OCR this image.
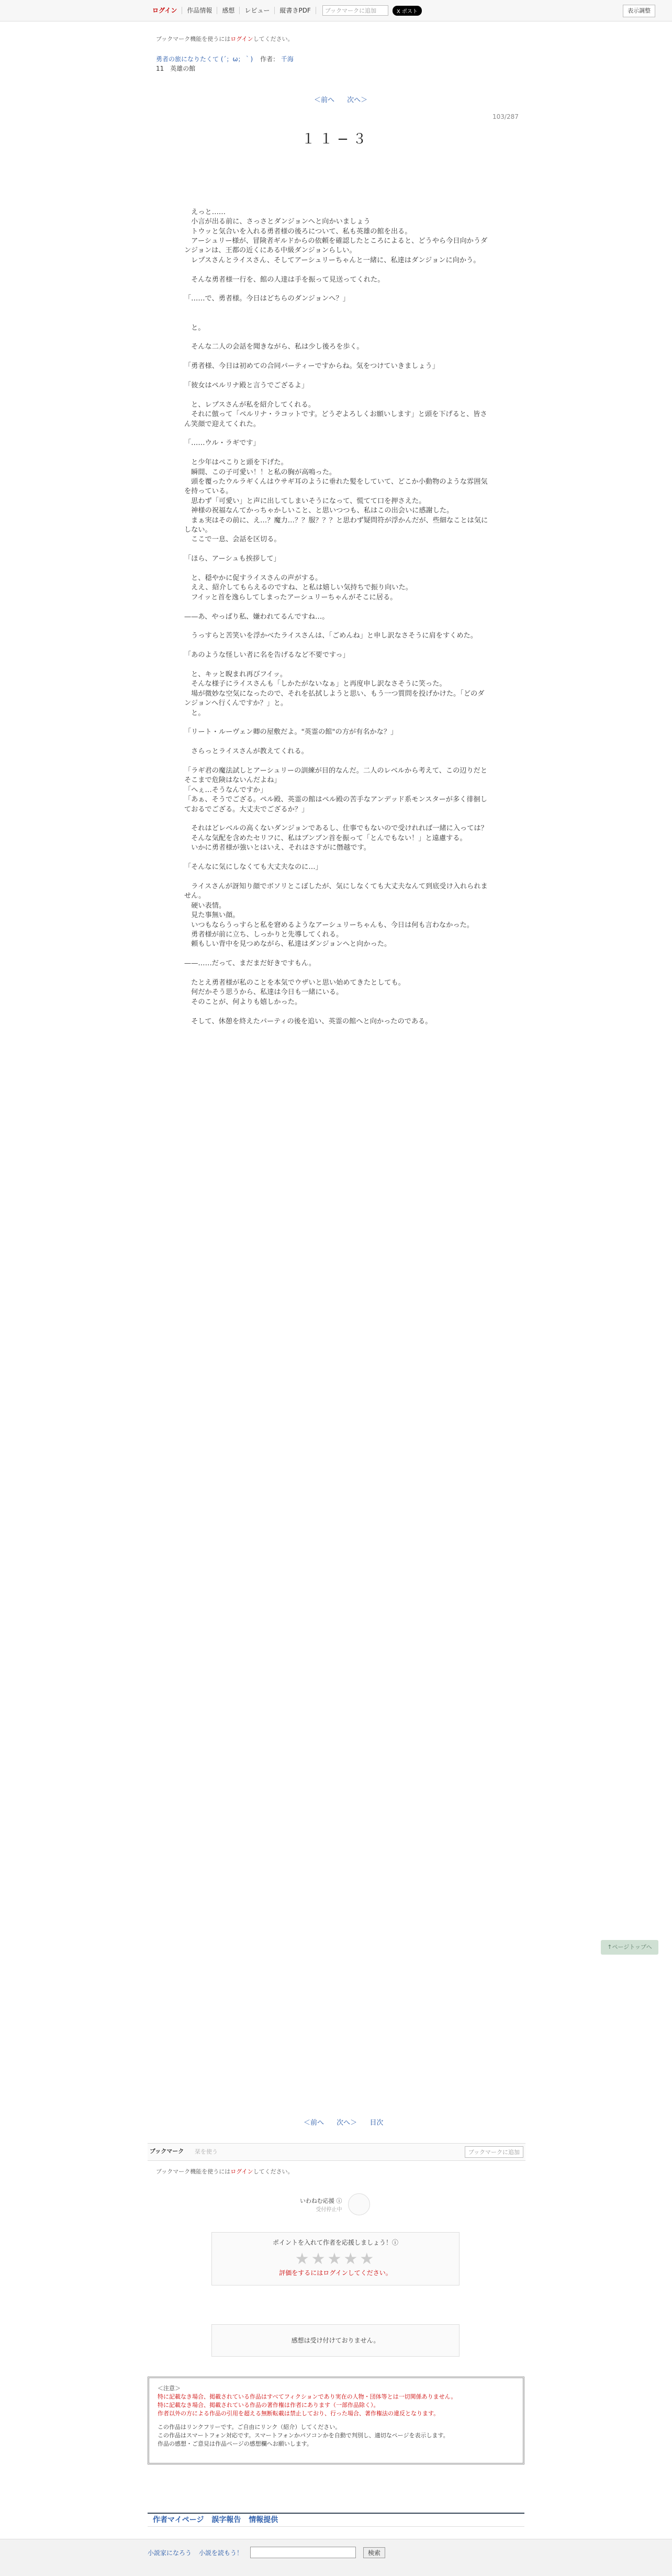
ログイン	作品情報	感想	レビュー	縦書きPDF	ブックマークに追加	X ポスト	表示調整
ブックマーク機能を使うにはログインしてください。
勇者の旅になりたくて (´；ω；｀) 作者： 千海
11　英雄の館
＜前へ 次へ＞
103/287
１１−３

　えっと……

　小言が出る前に、さっさとダンジョンへと向かいましょう

　トウッと気合いを入れる勇者様の後ろについて、私も英雄の館を出る。

　アーシュリー様が、冒険者ギルドからの依頼を確認したところによると、どうやら今日向かうダンジョンは、王都の近くにある中級ダンジョンらしい。

　レプスさんとライスさん、そしてアーシュリーちゃんと一緒に、私達はダンジョンに向かう。

　そんな勇者様一行を、館の人達は手を振って見送ってくれた。

「……で、勇者様。今日はどちらのダンジョンへ？」

　と。

　そんな二人の会話を聞きながら、私は少し後ろを歩く。

「勇者様、今日は初めての合同パーティーですからね。気をつけていきましょう」

「彼女はペルリナ殿と言うでござるよ」

　と、レプスさんが私を紹介してくれる。

　それに倣って「ペルリナ・ラコットです。どうぞよろしくお願いします」と頭を下げると、皆さん笑顔で迎えてくれた。

「……ウル・ラギです」

　と少年はペこりと頭を下げた。

　瞬間、この子可愛い！！と私の胸が高鳴った。

　頭を覆ったウルラギくんはウサギ耳のように垂れた髪をしていて、どこか小動物のような雰囲気を持っている。

　思わず「可愛い」と声に出してしまいそうになって、慌てて口を押さえた。

　神様の祝福なんてかっちゃかしいこと、と思いつつも、私はこの出会いに感謝した。

　まぁ実はその前に、え…？魔力…？？服？？？と思わず疑問符が浮かんだが、些細なことは気にしない。

　ここで一息、会話を区切る。

「ほら、アーシュも挨拶して」

　と、穏やかに促すライスさんの声がする。

　ええ、紹介してもらえるのですね、と私は嬉しい気持ちで振り向いた。

　フイッと首を逸らしてしまったアーシュリーちゃんがそこに居る。

——あ、やっぱり私、嫌われてるんですね…。

　うっすらと苦笑いを浮かべたライスさんは、「ごめんね」と申し訳なさそうに肩をすくめた。

「あのような怪しい者に名を告げるなど不要ですっ」

　と、キッと睨まれ再びフイッ。

　そんな様子にライスさんも「しかたがないなぁ」と再度申し訳なさそうに笑った。

　場が微妙な空気になったので、それを払拭しようと思い、もう一つ質問を投げかけた。「どのダンジョンへ行くんですか？」と。

　と。

「リート・ルーヴェン卿の屋敷だよ。"英霊の館"の方が有名かな？」

　さらっとライスさんが教えてくれる。

「ラギ君の魔法試しとアーシュリーの訓練が目的なんだ。二人のレベルから考えて、この辺りだとそこまで危険はないんだよね」

「へぇ…そうなんですか」

「あぁ、そうでござる。ペル殿、英霊の館はペル殿の苦手なアンデッド系モンスターが多く徘徊しておるでござる。大丈夫でござるか？」

　それはどレベルの高くないダンジョンであるし、仕事でもないので受けれれば一緒に入っては？

　そんな気配を含めたセリフに、私はブンブン首を振って「とんでもない！」と遠慮する。

　いかに勇者様が強いとはいえ、それはさすがに僭越です。

「そんなに気にしなくても大丈夫なのに…」

　ライスさんが訝知り顔でボソリとこぼしたが、気にしなくても大丈夫なんて到底受け入れられません。

　硬い表情。

　見た事無い顔。

　いつもならうっすらと私を窘めるようなアーシュリーちゃんも、今日は何も言わなかった。

　勇者様が前に立ち、しっかりと先導してくれる。

　頼もしい背中を見つめながら、私達はダンジョンへと向かった。

——……だって、まだまだ好きですもん。

　たとえ勇者様が私のことを本気でウザいと思い始めてきたとしても。

　何だかそう思うから、私達は今日も一緒にいる。

　そのことが、何よりも嬉しかった。

　そして、休憩を終えたパーティの後を追い、英霊の館へと向かったのである。

↑ページトップへ
＜前へ 次へ＞ 目次
ブックマーク 栞を使う	ブックマークに追加
ブックマーク機能を使うにはログインしてください。
いわねむ応援 ⓘ
受付停止中

ポイントを入れて作者を応援しましょう！ⓘ
★★★★★
評価をするにはログインしてください。
感想は受け付けておりません。
＜注意＞
特に記載なき場合、掲載されている作品はすべてフィクションであり実在の人物・団体等とは一切関係ありません。
特に記載なき場合、掲載されている作品の著作権は作者にあります（一部作品除く）。
作者以外の方による作品の引用を超える無断転載は禁止しており、行った場合、著作権法の違反となります。
この作品はリンクフリーです。ご自由にリンク（紹介）してください。
この作品はスマートフォン対応です。スマートフォンかパソコンかを自動で判別し、適切なページを表示します。
作品の感想・ご意見は作品ページの感想欄へお願いします。
作者マイページ 誤字報告 情報提供
小説家になろう 小説を読もう！	検索
